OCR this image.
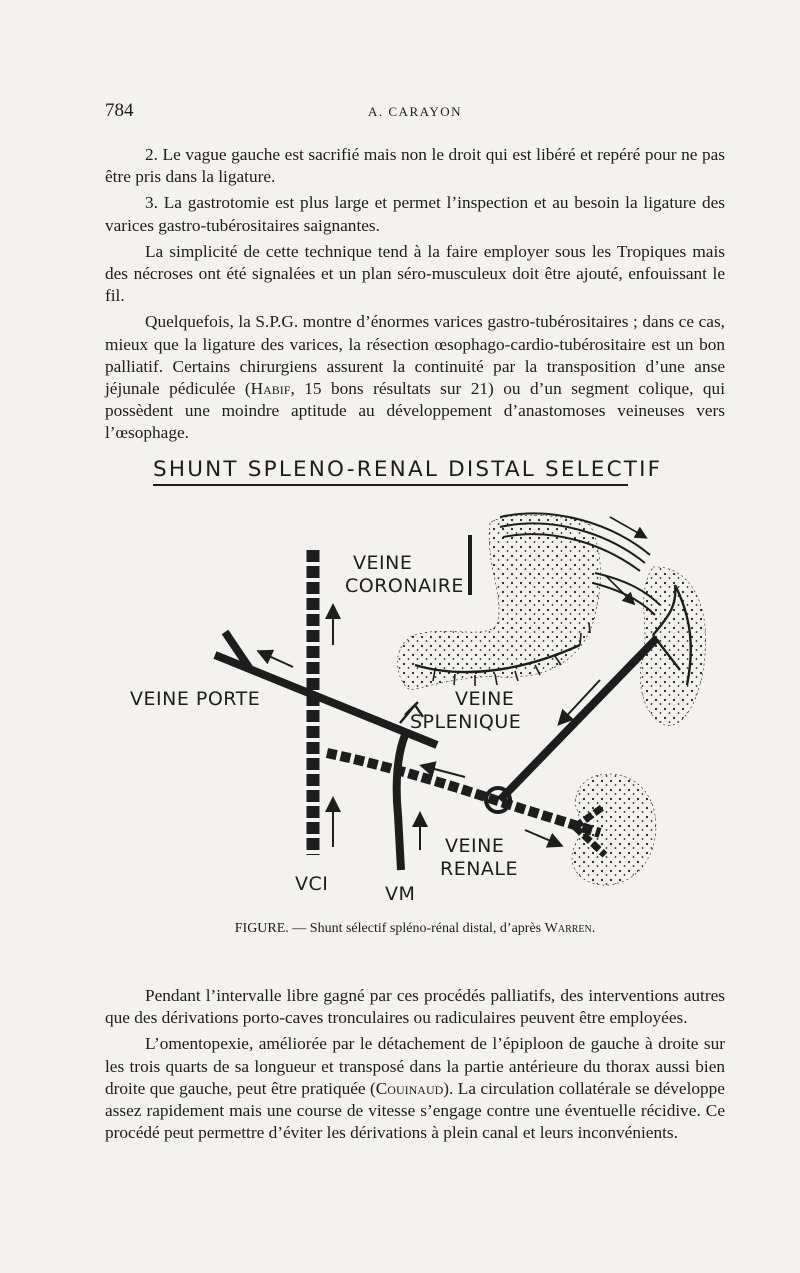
784	A. CARAYON

2. Le vague gauche est sacrifié mais non le droit qui est libéré et repéré pour ne pas être pris dans la ligature.

3. La gastrotomie est plus large et permet l’inspection et au besoin la ligature des varices gastro-tubérositaires saignantes.

La simplicité de cette technique tend à la faire employer sous les Tropiques mais des nécroses ont été signalées et un plan séro-musculeux doit être ajouté, enfouissant le fil.

Quelquefois, la S.P.G. montre d’énormes varices gastro-tubérositaires ; dans ce cas, mieux que la ligature des varices, la résection œsophago-cardio-tubérositaire est un bon palliatif. Certains chirurgiens assurent la continuité par la transposition d’une anse jéjunale pédiculée (Habif, 15 bons résultats sur 21) ou d’un segment colique, qui possèdent une moindre aptitude au développement d’anastomoses veineuses vers l’œsophage.

SHUNT SPLENO-RENAL DISTAL SELECTIF
VEINE
CORONAIRE
VEINE PORTE	VEINE
SPLENIQUE
VEINE
RENALE
VCI	VM
FIGURE. — Shunt sélectif spléno-rénal distal, d’après Warren.

Pendant l’intervalle libre gagné par ces procédés palliatifs, des interventions autres que des dérivations porto-caves tronculaires ou radiculaires peuvent être employées.

L’omentopexie, améliorée par le détachement de l’épiploon de gauche à droite sur les trois quarts de sa longueur et transposé dans la partie antérieure du thorax aussi bien droite que gauche, peut être pratiquée (Couinaud). La circulation collatérale se développe assez rapidement mais une course de vitesse s’engage contre une éventuelle récidive. Ce procédé peut permettre d’éviter les dérivations à plein canal et leurs inconvénients.
